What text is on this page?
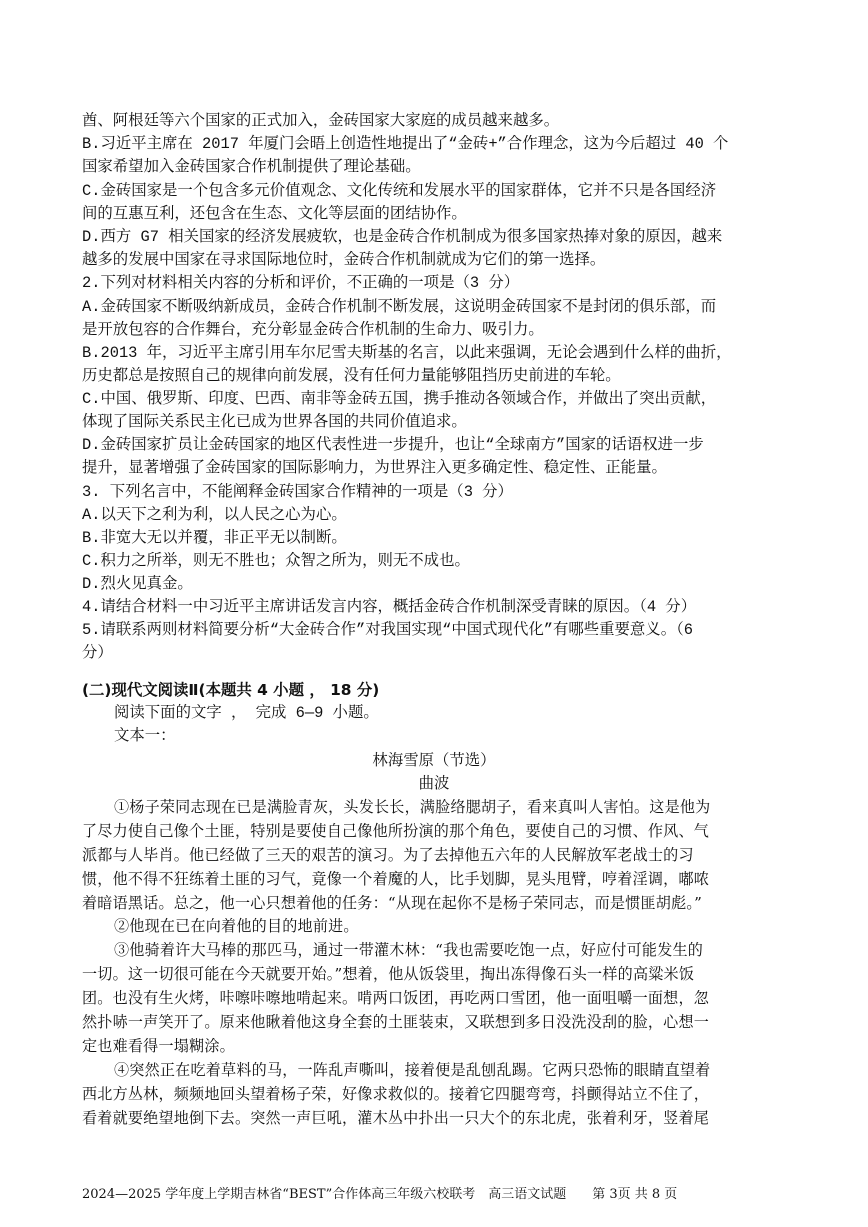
酋、阿根廷等六个国家的正式加入，金砖国家大家庭的成员越来越多。
B.习近平主席在 2017 年厦门会晤上创造性地提出了“金砖+”合作理念，这为今后超过 40 个
国家希望加入金砖国家合作机制提供了理论基础。
C.金砖国家是一个包含多元价值观念、文化传统和发展水平的国家群体，它并不只是各国经济
间的互惠互利，还包含在生态、文化等层面的团结协作。
D.西方 G7 相关国家的经济发展疲软，也是金砖合作机制成为很多国家热捧对象的原因，越来
越多的发展中国家在寻求国际地位时，金砖合作机制就成为它们的第一选择。
2.下列对材料相关内容的分析和评价，不正确的一项是（3 分）
A.金砖国家不断吸纳新成员，金砖合作机制不断发展，这说明金砖国家不是封闭的俱乐部，而
是开放包容的合作舞台，充分彰显金砖合作机制的生命力、吸引力。
B.2013 年，习近平主席引用车尔尼雪夫斯基的名言，以此来强调，无论会遇到什么样的曲折，
历史都总是按照自己的规律向前发展，没有任何力量能够阻挡历史前进的车轮。
C.中国、俄罗斯、印度、巴西、南非等金砖五国，携手推动各领域合作，并做出了突出贡献，
体现了国际关系民主化已成为世界各国的共同价值追求。
D.金砖国家扩员让金砖国家的地区代表性进一步提升，也让“全球南方”国家的话语权进一步
提升，显著增强了金砖国家的国际影响力，为世界注入更多确定性、稳定性、正能量。
3. 下列名言中，不能阐释金砖国家合作精神的一项是（3 分）
A.以天下之利为利，以人民之心为心。
B.非宽大无以并覆，非正平无以制断。
C.积力之所举，则无不胜也；众智之所为，则无不成也。
D.烈火见真金。
4.请结合材料一中习近平主席讲话发言内容，概括金砖合作机制深受青睐的原因。（4 分）
5.请联系两则材料简要分析“大金砖合作”对我国实现“中国式现代化”有哪些重要意义。（6
分）
(二)现代文阅读Ⅱ(本题共 4 小题 ， 18 分)
阅读下面的文字 ， 完成 6—9 小题。
文本一：
林海雪原（节选）
曲波
①杨子荣同志现在已是满脸青灰，头发长长，满脸络腮胡子，看来真叫人害怕。这是他为
了尽力使自己像个土匪，特别是要使自己像他所扮演的那个角色，要使自己的习惯、作风、气
派都与人毕肖。他已经做了三天的艰苦的演习。为了去掉他五六年的人民解放军老战士的习
惯，他不得不狂练着土匪的习气，竟像一个着魔的人，比手划脚，晃头甩臂，哼着淫调，嘟哝
着暗语黑话。总之，他一心只想着他的任务：“从现在起你不是杨子荣同志，而是惯匪胡彪。”
②他现在已在向着他的目的地前进。
③他骑着许大马棒的那匹马，通过一带灌木林：“我也需要吃饱一点，好应付可能发生的
一切。这一切很可能在今天就要开始。”想着，他从饭袋里，掏出冻得像石头一样的高粱米饭
团。也没有生火烤，咔嚓咔嚓地啃起来。啃两口饭团，再吃两口雪团，他一面咀嚼一面想，忽
然扑哧一声笑开了。原来他瞅着他这身全套的土匪装束，又联想到多日没洗没刮的脸，心想一
定也难看得一塌糊涂。
④突然正在吃着草料的马，一阵乱声嘶叫，接着便是乱刨乱踢。它两只恐怖的眼睛直望着
西北方丛林，频频地回头望着杨子荣，好像求救似的。接着它四腿弯弯，抖颤得站立不住了，
看着就要绝望地倒下去。突然一声巨吼，灌木丛中扑出一只大个的东北虎，张着利牙，竖着尾
2024—2025 学年度上学期吉林省“BEST”合作体高三年级六校联考　高三语文试题　　第 3页 共 8 页
